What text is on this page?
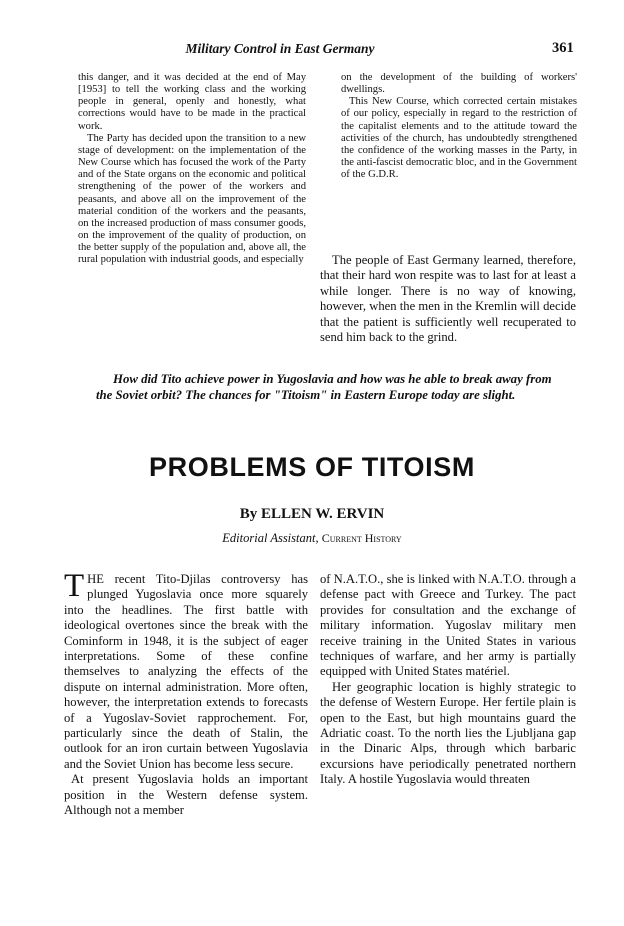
Military Control in East Germany	361

this danger, and it was decided at the end of May [1953] to tell the working class and the working people in general, openly and honestly, what corrections would have to be made in the practical work.

The Party has decided upon the transition to a new stage of development: on the implementation of the New Course which has focused the work of the Party and of the State organs on the economic and political strengthening of the power of the workers and peasants, and above all on the improvement of the material condition of the workers and the peasants, on the increased production of mass consumer goods, on the improvement of the quality of production, on the better supply of the population and, above all, the rural population with industrial goods, and especially

on the development of the building of workers' dwellings.

This New Course, which corrected certain mistakes of our policy, especially in regard to the restriction of the capitalist elements and to the attitude toward the activities of the church, has undoubtedly strengthened the confidence of the working masses in the Party, in the anti-fascist democratic bloc, and in the Government of the G.D.R.

The people of East Germany learned, therefore, that their hard won respite was to last for at least a while longer. There is no way of knowing, however, when the men in the Kremlin will decide that the patient is sufficiently well recuperated to send him back to the grind.

How did Tito achieve power in Yugoslavia and how was he able to break away from the Soviet orbit? The chances for "Titoism" in Eastern Europe today are slight.
PROBLEMS OF TITOISM
By ELLEN W. ERVIN
Editorial Assistant, Current History

THE recent Tito-Djilas controversy has plunged Yugoslavia once more squarely into the headlines. The first battle with ideological overtones since the break with the Cominform in 1948, it is the subject of eager interpretations. Some of these confine themselves to analyzing the effects of the dispute on internal administration. More often, however, the interpretation extends to forecasts of a Yugoslav-Soviet rapprochement. For, particularly since the death of Stalin, the outlook for an iron curtain between Yugoslavia and the Soviet Union has become less secure.

At present Yugoslavia holds an important position in the Western defense system. Although not a member

of N.A.T.O., she is linked with N.A.T.O. through a defense pact with Greece and Turkey. The pact provides for consultation and the exchange of military information. Yugoslav military men receive training in the United States in various techniques of warfare, and her army is partially equipped with United States matériel.

Her geographic location is highly strategic to the defense of Western Europe. Her fertile plain is open to the East, but high mountains guard the Adriatic coast. To the north lies the Ljubljana gap in the Dinaric Alps, through which barbaric excursions have periodically penetrated northern Italy. A hostile Yugoslavia would threaten
